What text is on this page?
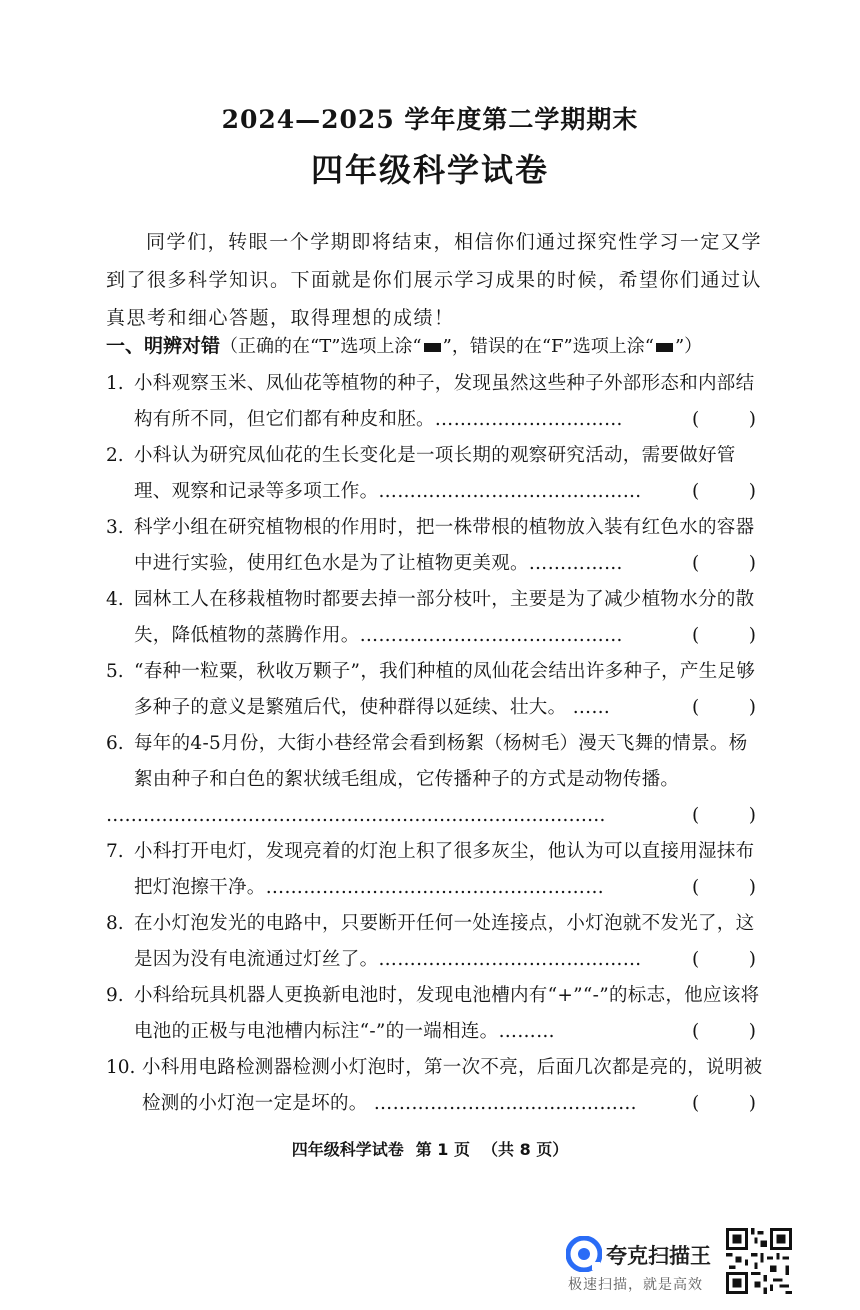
2024—2025 学年度第二学期期末
四年级科学试卷
同学们，转眼一个学期即将结束，相信你们通过探究性学习一定又学到了很多科学知识。下面就是你们展示学习成果的时候，希望你们通过认真思考和细心答题，取得理想的成绩！
一、明辨对错（正确的在“T”选项上涂“ ”，错误的在“F”选项上涂“ ”）
1. 小科观察玉米、凤仙花等植物的种子，发现虽然这些种子外部形态和内部结构有所不同，但它们都有种皮和胚。…………………………	(	)
2. 小科认为研究凤仙花的生长变化是一项长期的观察研究活动，需要做好管理、观察和记录等多项工作。……………………………………	(	)
3. 科学小组在研究植物根的作用时，把一株带根的植物放入装有红色水的容器中进行实验，使用红色水是为了让植物更美观。……………	(	)
4. 园林工人在移栽植物时都要去掉一部分枝叶，主要是为了减少植物水分的散失，降低植物的蒸腾作用。……………………………………	(	)
5. “春种一粒粟，秋收万颗子”，我们种植的凤仙花会结出许多种子，产生足够多种子的意义是繁殖后代，使种群得以延续、壮大。 ……	(	)
6. 每年的4-5月份，大街小巷经常会看到杨絮（杨树毛）漫天飞舞的情景。杨絮由种子和白色的絮状绒毛组成，它传播种子的方式是动物传播。
………………………………………………………………………	(	)
7. 小科打开电灯，发现亮着的灯泡上积了很多灰尘，他认为可以直接用湿抹布把灯泡擦干净。………………………………………………	(	)
8. 在小灯泡发光的电路中，只要断开任何一处连接点，小灯泡就不发光了，这是因为没有电流通过灯丝了。……………………………………	(	)
9. 小科给玩具机器人更换新电池时，发现电池槽内有“+”“-”的标志，他应该将电池的正极与电池槽内标注“-”的一端相连。………	(	)
10. 小科用电路检测器检测小灯泡时，第一次不亮，后面几次都是亮的，说明被检测的小灯泡一定是坏的。 ……………………………………	(	)
四年级科学试卷 第 1 页 （共 8 页）
夸克扫描王
极速扫描，就是高效
